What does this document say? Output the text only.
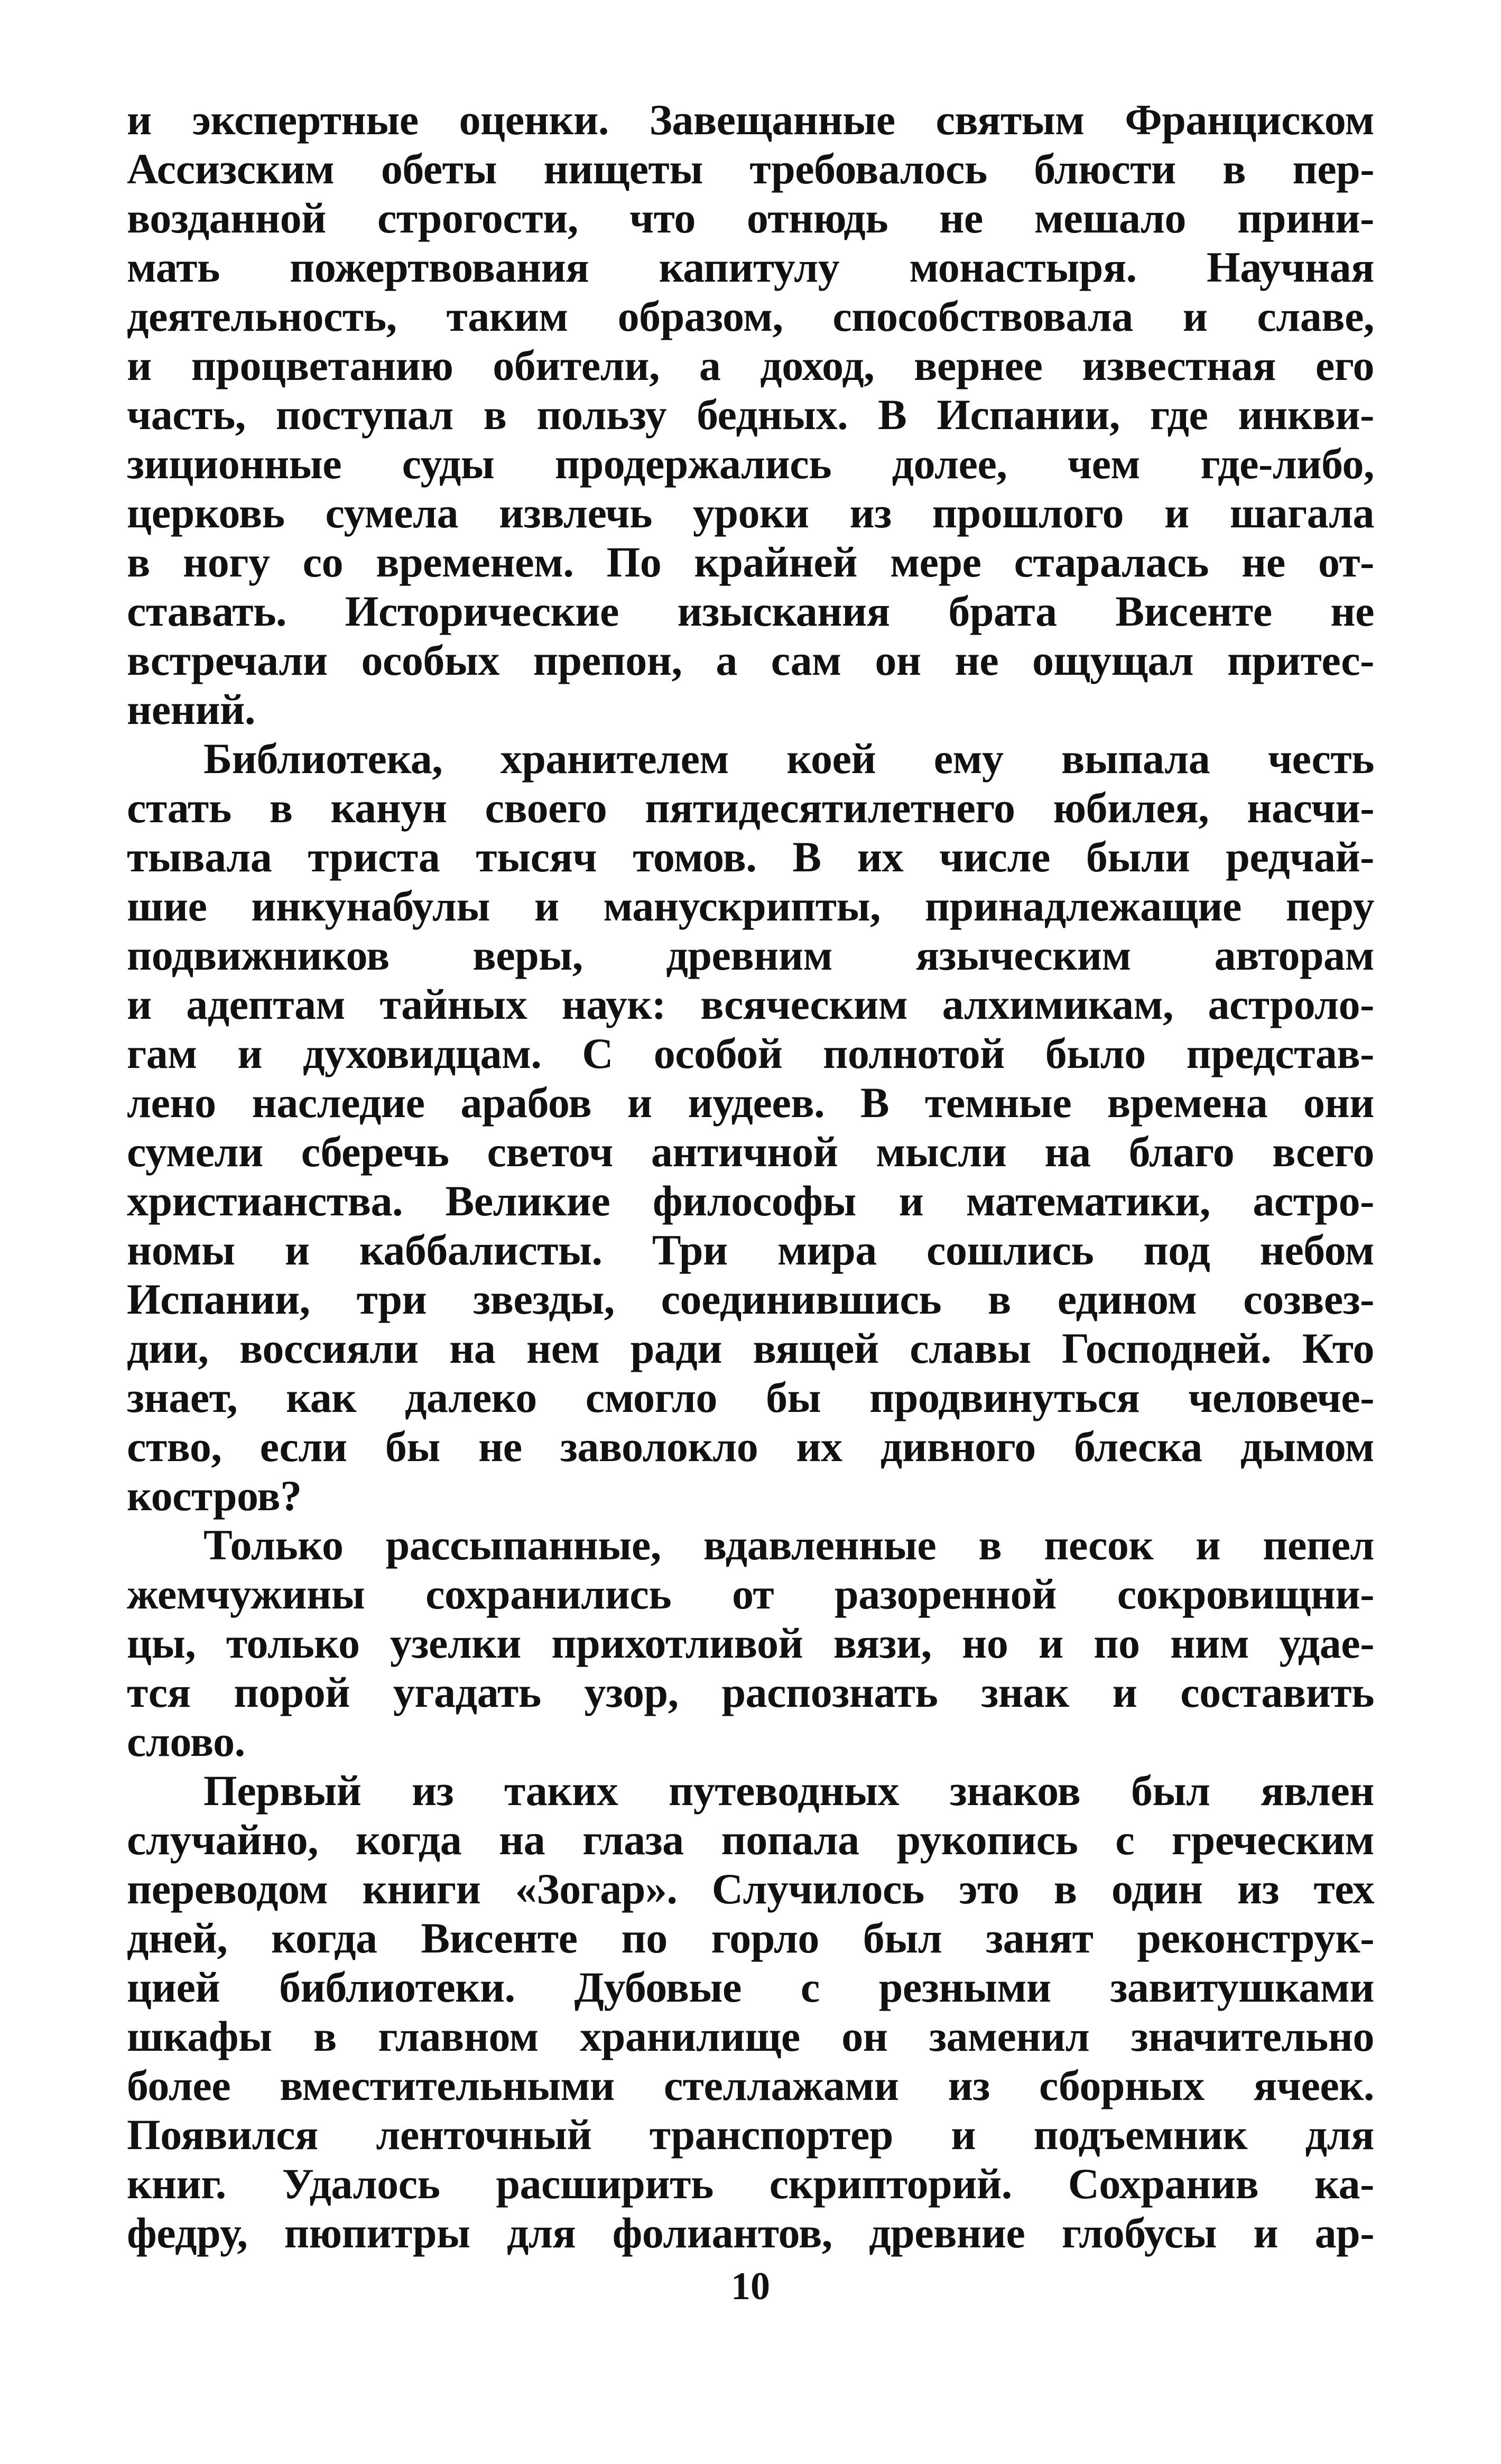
и экспертные оценки. Завещанные святым Франциском
Ассизским обеты нищеты требовалось блюсти в пер-
возданной строгости, что отнюдь не мешало прини-
мать пожертвования капитулу монастыря. Научная
деятельность, таким образом, способствовала и славе,
и процветанию обители, а доход, вернее известная его
часть, поступал в пользу бедных. В Испании, где инкви-
зиционные суды продержались долее, чем где-либо,
церковь сумела извлечь уроки из прошлого и шагала
в ногу со временем. По крайней мере старалась не от-
ставать. Исторические изыскания брата Висенте не
встречали особых препон, а сам он не ощущал притес-
нений.
Библиотека, хранителем коей ему выпала честь
стать в канун своего пятидесятилетнего юбилея, насчи-
тывала триста тысяч томов. В их числе были редчай-
шие инкунабулы и манускрипты, принадлежащие перу
подвижников веры, древним языческим авторам
и адептам тайных наук: всяческим алхимикам, астроло-
гам и духовидцам. С особой полнотой было представ-
лено наследие арабов и иудеев. В темные времена они
сумели сберечь светоч античной мысли на благо всего
христианства. Великие философы и математики, астро-
номы и каббалисты. Три мира сошлись под небом
Испании, три звезды, соединившись в едином созвез-
дии, воссияли на нем ради вящей славы Господней. Кто
знает, как далеко смогло бы продвинуться человече-
ство, если бы не заволокло их дивного блеска дымом
костров?
Только рассыпанные, вдавленные в песок и пепел
жемчужины сохранились от разоренной сокровищни-
цы, только узелки прихотливой вязи, но и по ним удае-
тся порой угадать узор, распознать знак и составить
слово.
Первый из таких путеводных знаков был явлен
случайно, когда на глаза попала рукопись с греческим
переводом книги «Зогар». Случилось это в один из тех
дней, когда Висенте по горло был занят реконструк-
цией библиотеки. Дубовые с резными завитушками
шкафы в главном хранилище он заменил значительно
более вместительными стеллажами из сборных ячеек.
Появился ленточный транспортер и подъемник для
книг. Удалось расширить скрипторий. Сохранив ка-
федру, пюпитры для фолиантов, древние глобусы и ар-
10
